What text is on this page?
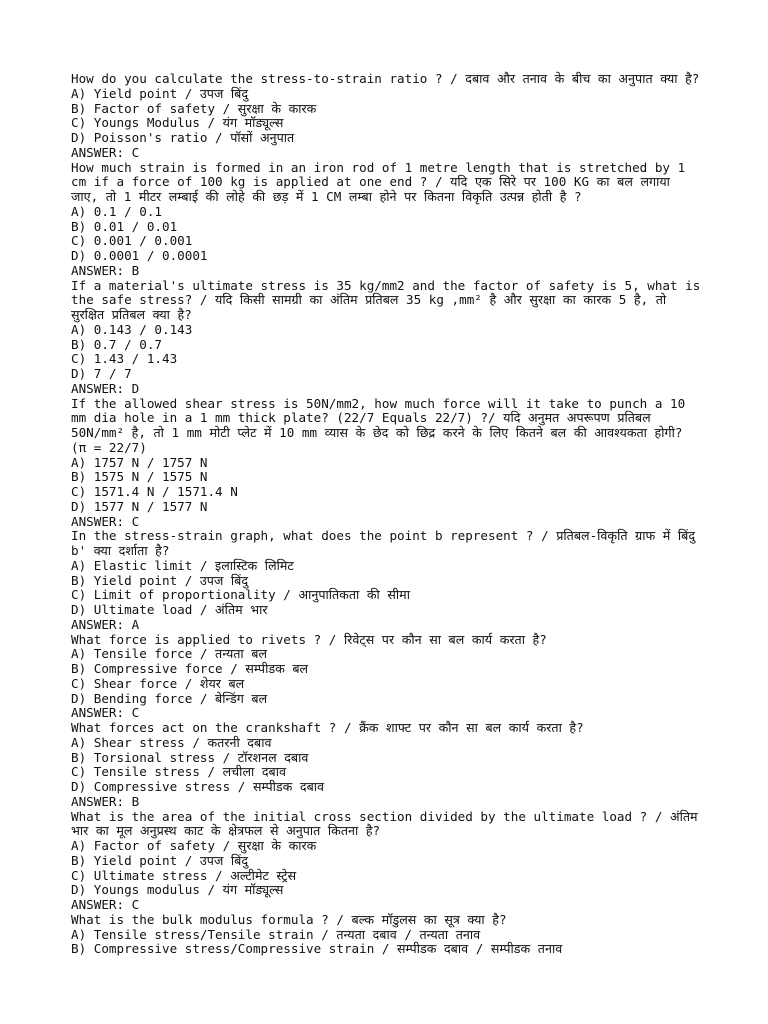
How do you calculate the stress-to-strain ratio ? / दबाव और तनाव के बीच का अनुपात क्या है?
A) Yield point / उपज बिंदु
B) Factor of safety / सुरक्षा के कारक
C) Youngs Modulus / यंग मॉड्यूल्स
D) Poisson's ratio / पॉसों अनुपात
ANSWER: C
How much strain is formed in an iron rod of 1 metre length that is stretched by 1 cm if a force of 100 kg is applied at one end ? / यदि एक सिरे पर 100 KG का बल लगाया जाए, तो 1 मीटर लम्बाई की लोहे की छड़ में 1 CM लम्बा होने पर कितना विकृति उत्पन्न होती है ?
A) 0.1 / 0.1
B) 0.01 / 0.01
C) 0.001 / 0.001
D) 0.0001 / 0.0001
ANSWER: B
If a material's ultimate stress is 35 kg/mm2 and the factor of safety is 5, what is the safe stress? / यदि किसी सामग्री का अंतिम प्रतिबल 35 kg ,mm² है और सुरक्षा का कारक 5 है, तो सुरक्षित प्रतिबल क्या है?
A) 0.143 / 0.143
B) 0.7 / 0.7
C) 1.43 / 1.43
D) 7 / 7
ANSWER: D
If the allowed shear stress is 50N/mm2, how much force will it take to punch a 10 mm dia hole in a 1 mm thick plate? (22/7 Equals 22/7) ?/ यदि अनुमत अपरूपण प्रतिबल 50N/mm² है, तो 1 mm मोटी प्लेट में 10 mm व्यास के छेद को छिद्र करने के लिए कितने बल की आवश्यकता होगी? (π = 22/7)
A) 1757 N / 1757 N
B) 1575 N / 1575 N
C) 1571.4 N / 1571.4 N
D) 1577 N / 1577 N
ANSWER: C
In the stress-strain graph, what does the point b represent ? / प्रतिबल-विकृति ग्राफ में बिंदु b' क्या दर्शाता है?
A) Elastic limit / इलास्टिक लिमिट
B) Yield point / उपज बिंदु
C) Limit of proportionality / आनुपातिकता की सीमा
D) Ultimate load / अंतिम भार
ANSWER: A
What force is applied to rivets ? / रिवेट्स पर कौन सा बल कार्य करता है?
A) Tensile force / तन्यता बल
B) Compressive force / सम्पीडक बल
C) Shear force / शेयर बल
D) Bending force / बेन्डिंग बल
ANSWER: C
What forces act on the crankshaft ? / क्रैंक शाफ्ट पर कौन सा बल कार्य करता है?
A) Shear stress / कतरनी दबाव
B) Torsional stress / टॉरशनल दबाव
C) Tensile stress / लचीला दबाव
D) Compressive stress / सम्पीडक दबाव
ANSWER: B
What is the area of the initial cross section divided by the ultimate load ? / अंतिम भार का मूल अनुप्रस्थ काट के क्षेत्रफल से अनुपात कितना है?
A) Factor of safety / सुरक्षा के कारक
B) Yield point / उपज बिंदु
C) Ultimate stress / अल्टीमेट स्ट्रेस
D) Youngs modulus / यंग मॉड्यूल्स
ANSWER: C
What is the bulk modulus formula ? / बल्क मॉडुलस का सूत्र क्या है?
A) Tensile stress/Tensile strain / तन्यता दबाव / तन्यता तनाव
B) Compressive stress/Compressive strain / सम्पीडक दबाव / सम्पीडक तनाव
